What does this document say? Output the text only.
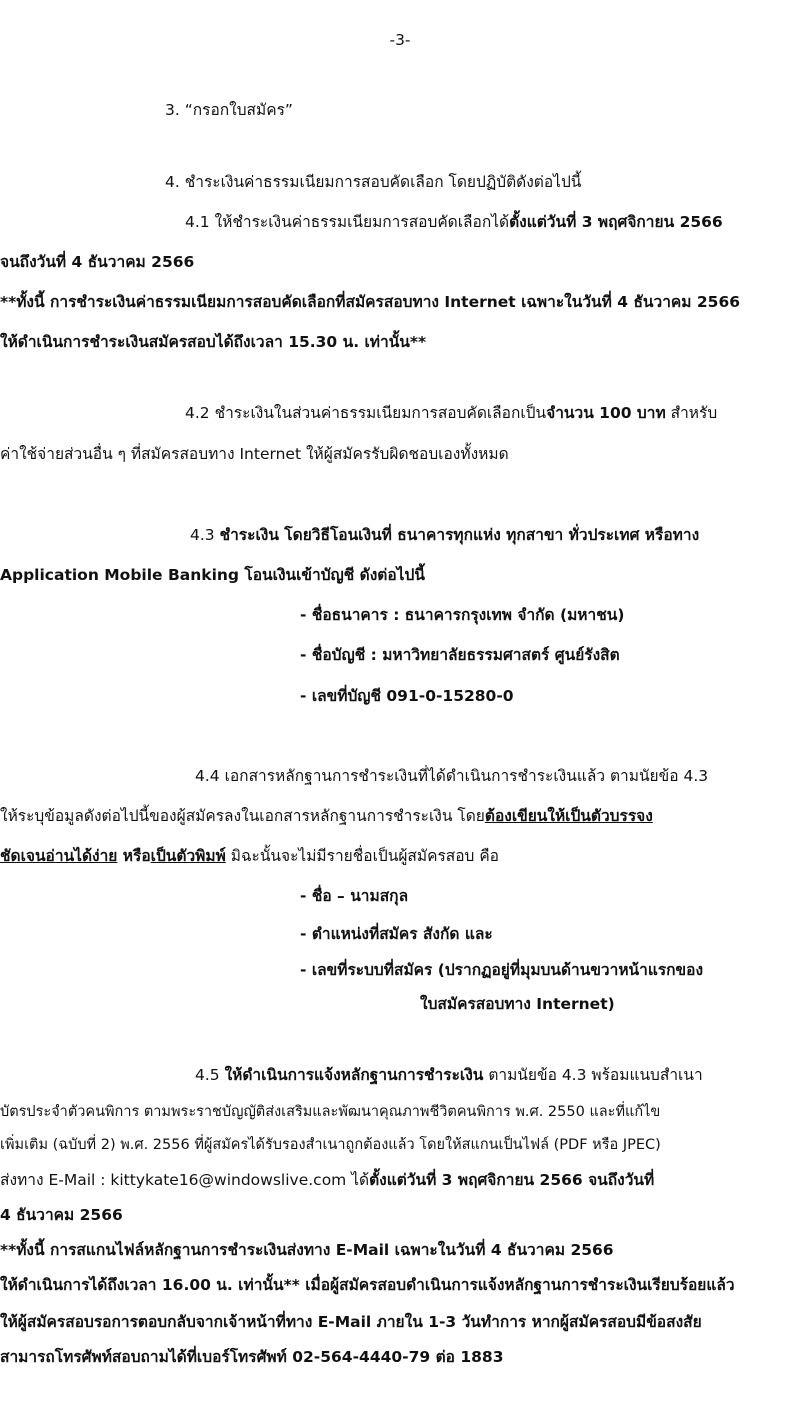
-3-
3. “กรอกใบสมัคร”
4. ชำระเงินค่าธรรมเนียมการสอบคัดเลือก โดยปฏิบัติดังต่อไปนี้
4.1 ให้ชำระเงินค่าธรรมเนียมการสอบคัดเลือกได้ตั้งแต่วันที่ 3 พฤศจิกายน 2566
จนถึงวันที่ 4 ธันวาคม 2566
**ทั้งนี้ การชำระเงินค่าธรรมเนียมการสอบคัดเลือกที่สมัครสอบทาง Internet เฉพาะในวันที่ 4 ธันวาคม 2566
ให้ดำเนินการชำระเงินสมัครสอบได้ถึงเวลา 15.30 น. เท่านั้น**
4.2 ชำระเงินในส่วนค่าธรรมเนียมการสอบคัดเลือกเป็นจำนวน 100 บาท สำหรับ
ค่าใช้จ่ายส่วนอื่น ๆ ที่สมัครสอบทาง Internet ให้ผู้สมัครรับผิดชอบเองทั้งหมด
4.3 ชำระเงิน โดยวิธีโอนเงินที่ ธนาคารทุกแห่ง ทุกสาขา ทั่วประเทศ หรือทาง
Application Mobile Banking โอนเงินเข้าบัญชี ดังต่อไปนี้
- ชื่อธนาคาร : ธนาคารกรุงเทพ จำกัด (มหาชน)
- ชื่อบัญชี : มหาวิทยาลัยธรรมศาสตร์ ศูนย์รังสิต
- เลขที่บัญชี 091-0-15280-0
4.4 เอกสารหลักฐานการชำระเงินที่ได้ดำเนินการชำระเงินแล้ว ตามนัยข้อ 4.3
ให้ระบุข้อมูลดังต่อไปนี้ของผู้สมัครลงในเอกสารหลักฐานการชำระเงิน โดยต้องเขียนให้เป็นตัวบรรจง
ชัดเจนอ่านได้ง่าย หรือเป็นตัวพิมพ์ มิฉะนั้นจะไม่มีรายชื่อเป็นผู้สมัครสอบ คือ
- ชื่อ – นามสกุล
- ตำแหน่งที่สมัคร สังกัด และ
- เลขที่ระบบที่สมัคร (ปรากฏอยู่ที่มุมบนด้านขวาหน้าแรกของ
ใบสมัครสอบทาง Internet)
4.5 ให้ดำเนินการแจ้งหลักฐานการชำระเงิน ตามนัยข้อ 4.3 พร้อมแนบสำเนา
บัตรประจำตัวคนพิการ ตามพระราชบัญญัติส่งเสริมและพัฒนาคุณภาพชีวิตคนพิการ พ.ศ. 2550 และที่แก้ไข
เพิ่มเติม (ฉบับที่ 2) พ.ศ. 2556 ที่ผู้สมัครได้รับรองสำเนาถูกต้องแล้ว โดยให้สแกนเป็นไฟล์ (PDF หรือ JPEC)
ส่งทาง E-Mail : kittykate16@windowslive.com ได้ตั้งแต่วันที่ 3 พฤศจิกายน 2566 จนถึงวันที่
4 ธันวาคม 2566
**ทั้งนี้ การสแกนไฟล์หลักฐานการชำระเงินส่งทาง E-Mail เฉพาะในวันที่ 4 ธันวาคม 2566
ให้ดำเนินการได้ถึงเวลา 16.00 น. เท่านั้น** เมื่อผู้สมัครสอบดำเนินการแจ้งหลักฐานการชำระเงินเรียบร้อยแล้ว
ให้ผู้สมัครสอบรอการตอบกลับจากเจ้าหน้าที่ทาง E-Mail ภายใน 1-3 วันทำการ หากผู้สมัครสอบมีข้อสงสัย
สามารถโทรศัพท์สอบถามได้ที่เบอร์โทรศัพท์ 02-564-4440-79 ต่อ 1883
